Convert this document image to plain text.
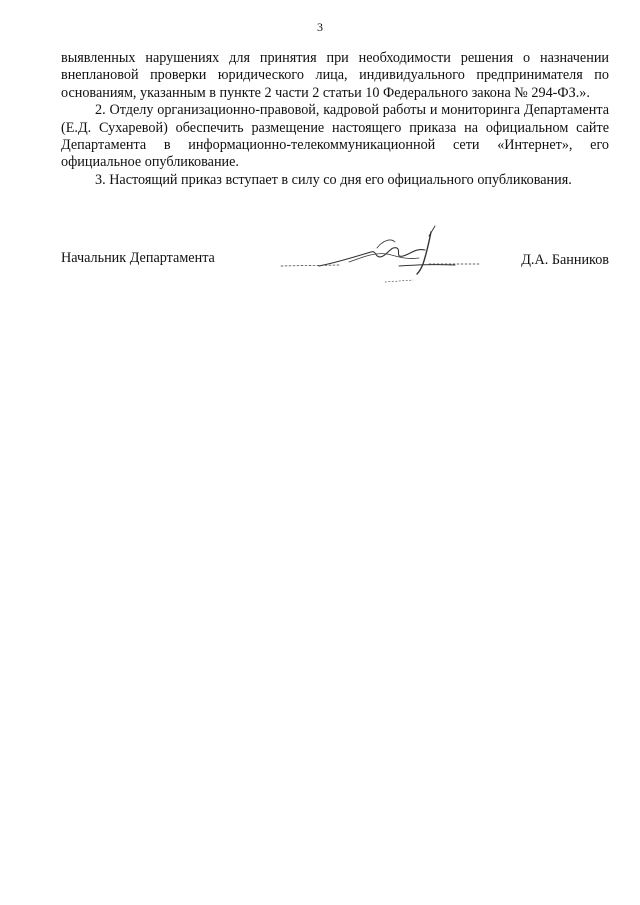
3

выявленных нарушениях для принятия при необходимости решения о назначении внеплановой проверки юридического лица, индивидуального предпринимателя по основаниям, указанным в пункте 2 части 2 статьи 10 Федерального закона № 294-ФЗ.».

2. Отделу организационно-правовой, кадровой работы и мониторинга Департамента (Е.Д. Сухаревой) обеспечить размещение настоящего приказа на официальном сайте Департамента в информационно-телекоммуникационной сети «Интернет», его официальное опубликование.

3. Настоящий приказ вступает в силу со дня его официального опубликования.

Начальник Департамента	Д.А. Банников
